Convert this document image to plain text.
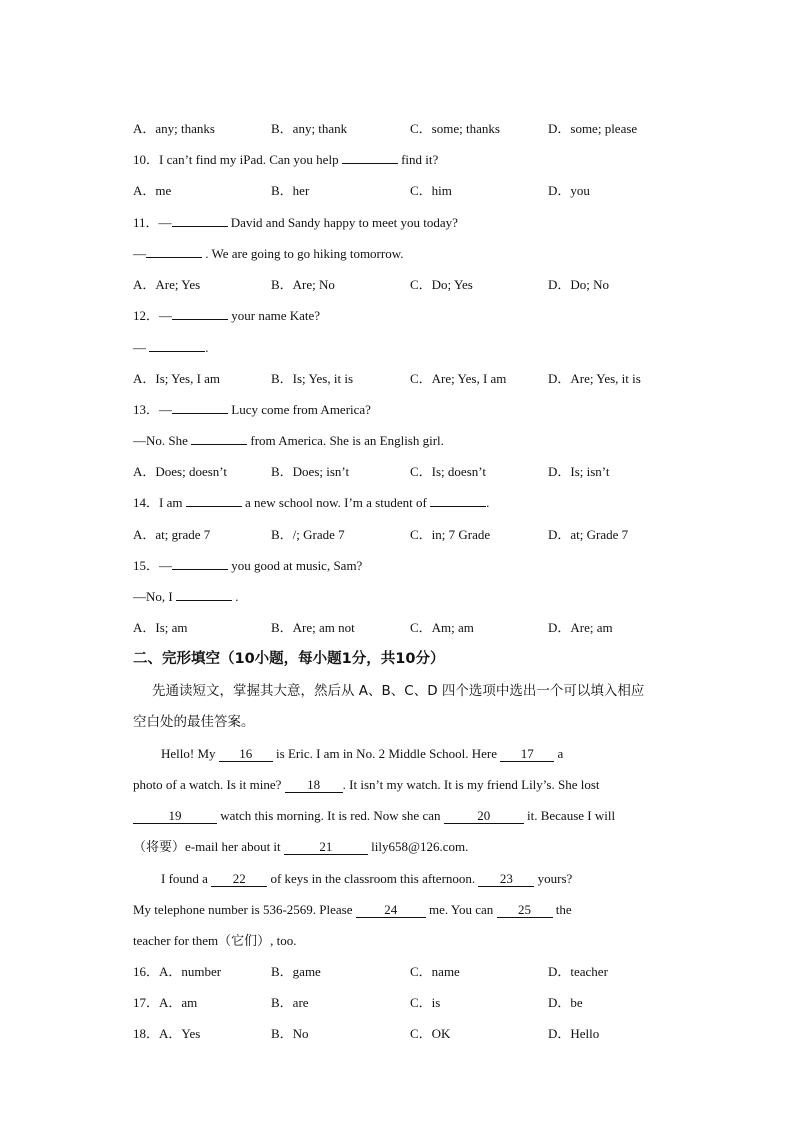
A．any; thanks	B．any; thank	C．some; thanks	D．some; please
10．I can’t find my iPad. Can you help	find it?
A．me	B．her	C．him	D．you
11．—	David and Sandy happy to meet you today?
—	. We are going to go hiking tomorrow.
A．Are; Yes	B．Are; No	C．Do; Yes	D．Do; No
12．—	your name Kate?
—	.
A．Is; Yes, I am	B．Is; Yes, it is	C．Are; Yes, I am	D．Are; Yes, it is
13．—	Lucy come from America?
—No. She	from America. She is an English girl.
A．Does; doesn’t	B．Does; isn’t	C．Is; doesn’t	D．Is; isn’t
14．I am	a new school now. I’m a student of	.
A．at; grade 7	B．/; Grade 7	C．in; 7 Grade	D．at; Grade 7
15．—	you good at music, Sam?
—No, I	.
A．Is; am	B．Are; am not	C．Am; am	D．Are; am
二、完形填空（10小题，每小题1分，共10分）
先通读短文，掌握其大意，然后从 A、B、C、D 四个选项中选出一个可以填入相应
空白处的最佳答案。
Hello! My 16 is Eric. I am in No. 2 Middle School. Here 17 a
photo of a watch. Is it mine? 18 . It isn’t my watch. It is my friend Lily’s. She lost
19	watch this morning. It is red. Now she can	20	it. Because I will
（将要）e-mail her about it	21	lily658@126.com.
I found a 22 of keys in the classroom this afternoon. 23 yours?
My telephone number is 536-2569. Please 24 me. You can 25 the
teacher for them（它们）, too.
16．A．number	B．game	C．name	D．teacher
17．A．am	B．are	C．is	D．be
18．A．Yes	B．No	C．OK	D．Hello
